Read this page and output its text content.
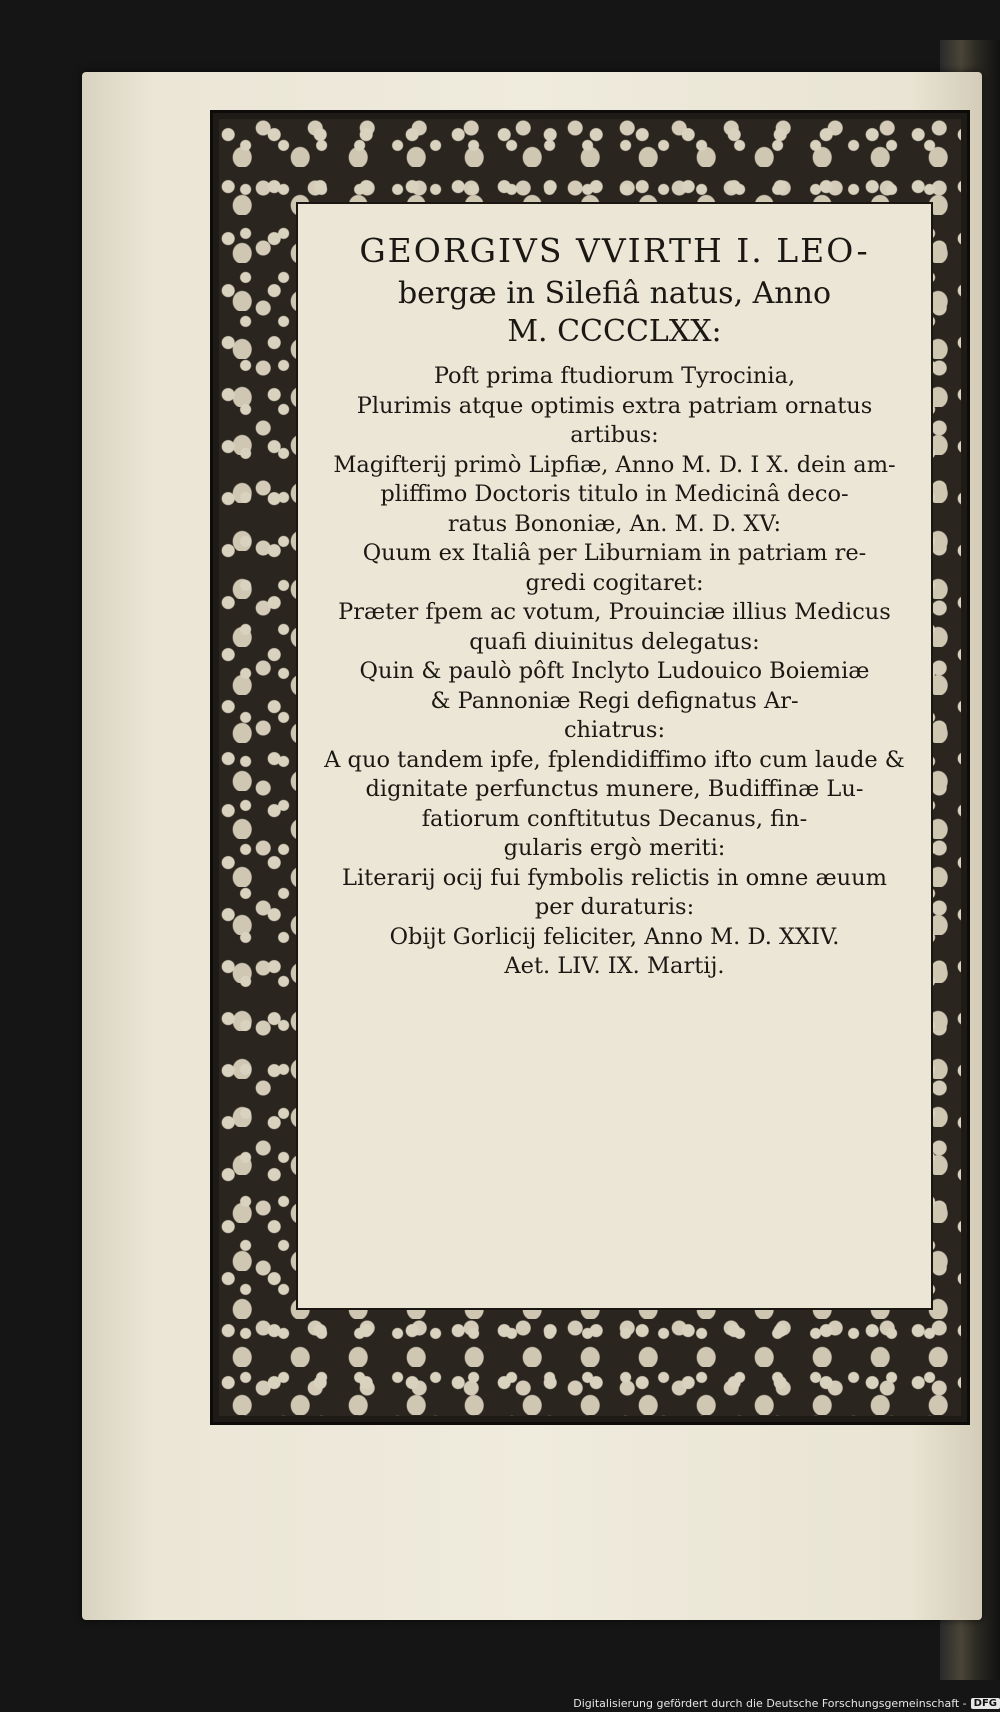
GEORGIVS VVIRTH I. LEO-
bergæ in Silefiâ natus, Anno
M. CCCCLXX:
Poft prima ftudiorum Tyrocinia,
Plurimis atque optimis extra patriam ornatus
artibus:
Magifterij primò Lipfiæ, Anno M. D. I X. dein am-
pliffimo Doctoris titulo in Medicinâ deco-
ratus Bononiæ, An. M. D. XV:
Quum ex Italiâ per Liburniam in patriam re-
gredi cogitaret:
Præter fpem ac votum, Prouinciæ illius Medicus
quafi diuinitus delegatus:
Quin & paulò pôft Inclyto Ludouico Boiemiæ
& Pannoniæ Regi defignatus Ar-
chiatrus:
A quo tandem ipfe, fplendidiffimo ifto cum laude &
dignitate perfunctus munere, Budiffinæ Lu-
fatiorum conftitutus Decanus, fin-
gularis ergò meriti:
Literarij ocij fui fymbolis relictis in omne æuum
per duraturis:
Obijt Gorlicij feliciter, Anno M. D. XXIV.
Aet. LIV. IX. Martij.
Digitalisierung gefördert durch die Deutsche Forschungsgemeinschaft - DFG
